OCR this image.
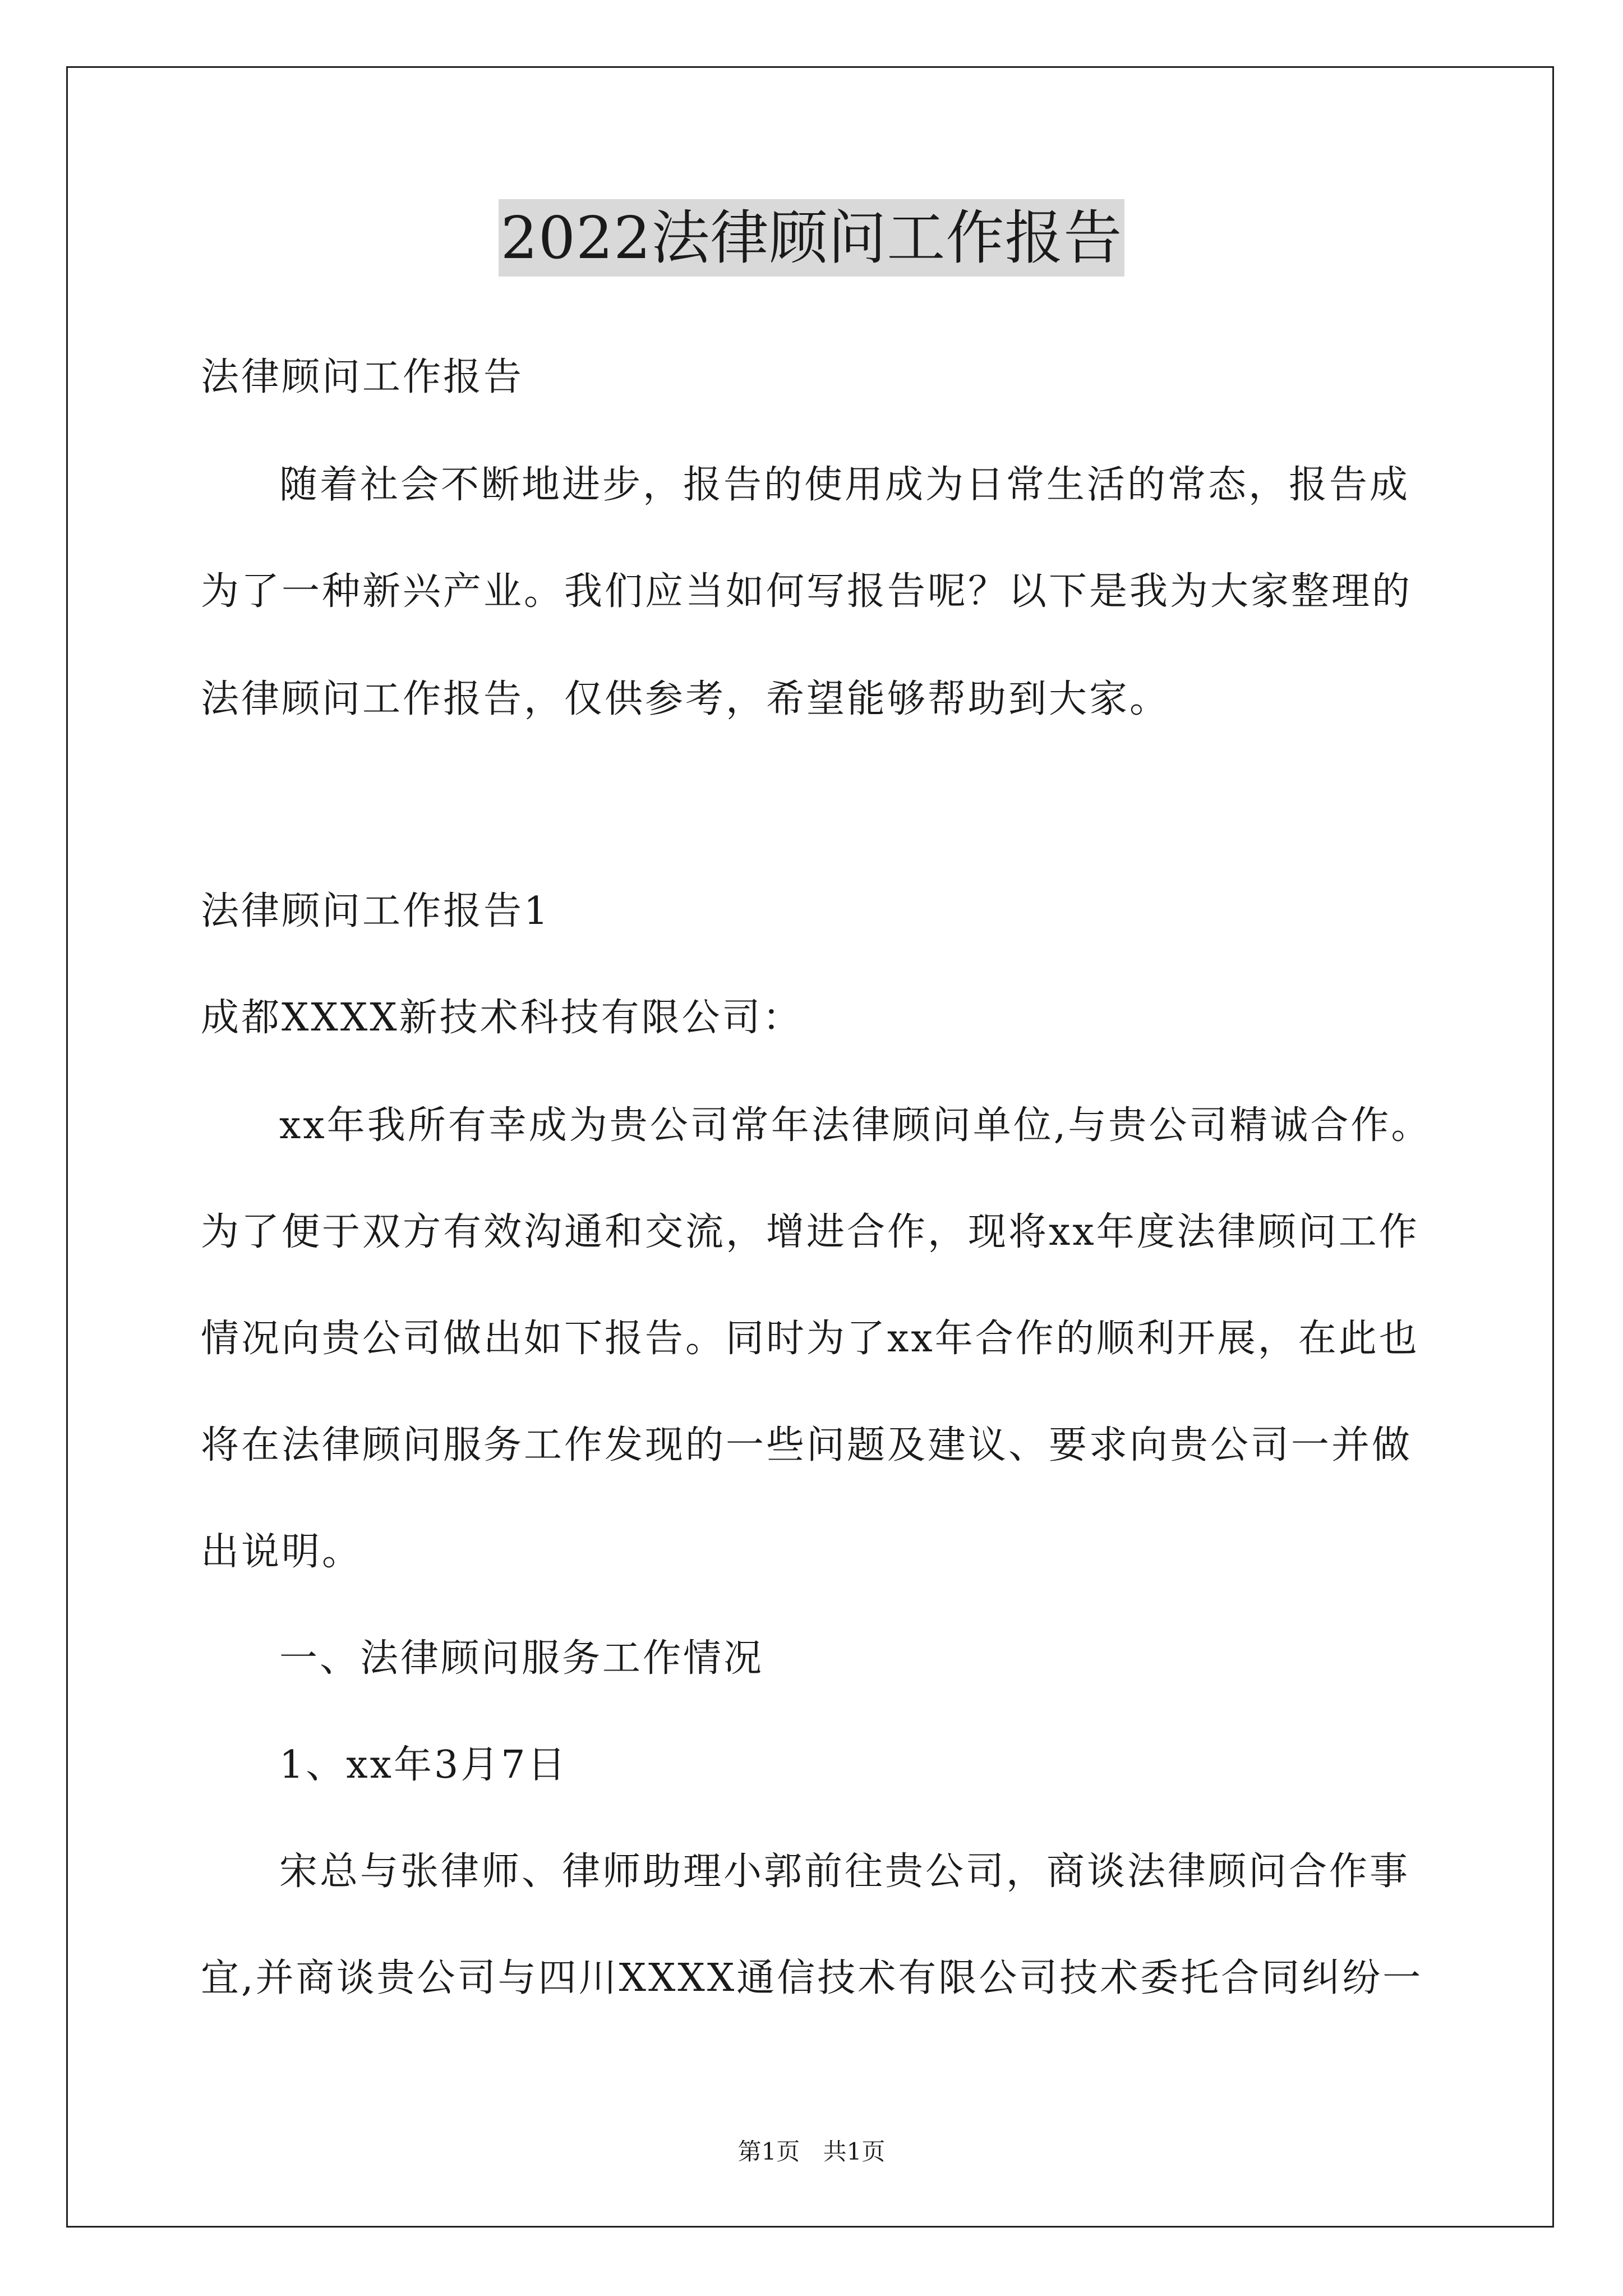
2022法律顾问工作报告
法律顾问工作报告
随着社会不断地进步，报告的使用成为日常生活的常态，报告成
为了一种新兴产业。我们应当如何写报告呢？以下是我为大家整理的
法律顾问工作报告，仅供参考，希望能够帮助到大家。
法律顾问工作报告1
成都XXXX新技术科技有限公司：
xx年我所有幸成为贵公司常年法律顾问单位,与贵公司精诚合作。
为了便于双方有效沟通和交流，增进合作，现将xx年度法律顾问工作
情况向贵公司做出如下报告。同时为了xx年合作的顺利开展，在此也
将在法律顾问服务工作发现的一些问题及建议、要求向贵公司一并做
出说明。
一、法律顾问服务工作情况
1、xx年3月7日
宋总与张律师、律师助理小郭前往贵公司，商谈法律顾问合作事
宜,并商谈贵公司与四川XXXX通信技术有限公司技术委托合同纠纷一
第1页 共1页
